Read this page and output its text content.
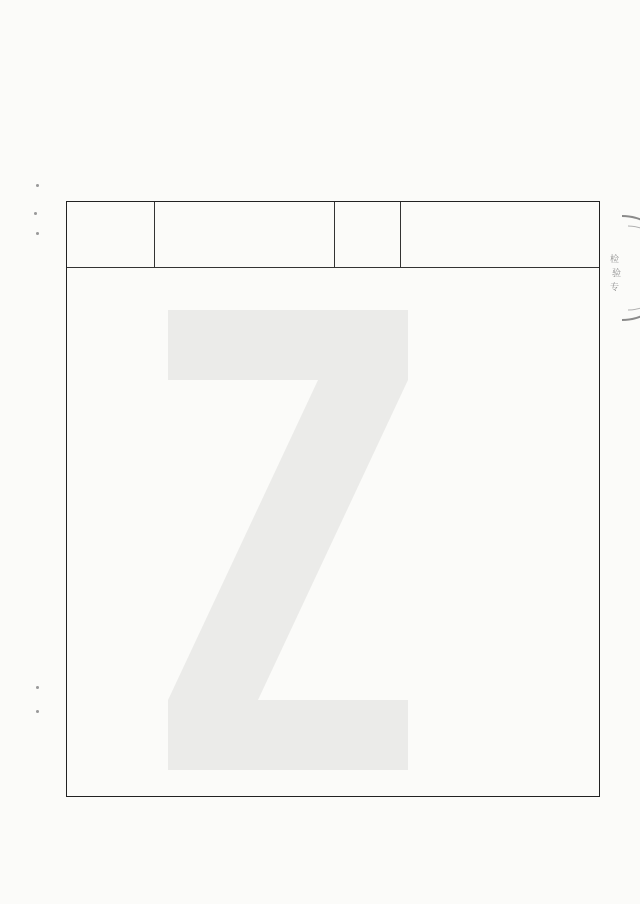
检
验
专
